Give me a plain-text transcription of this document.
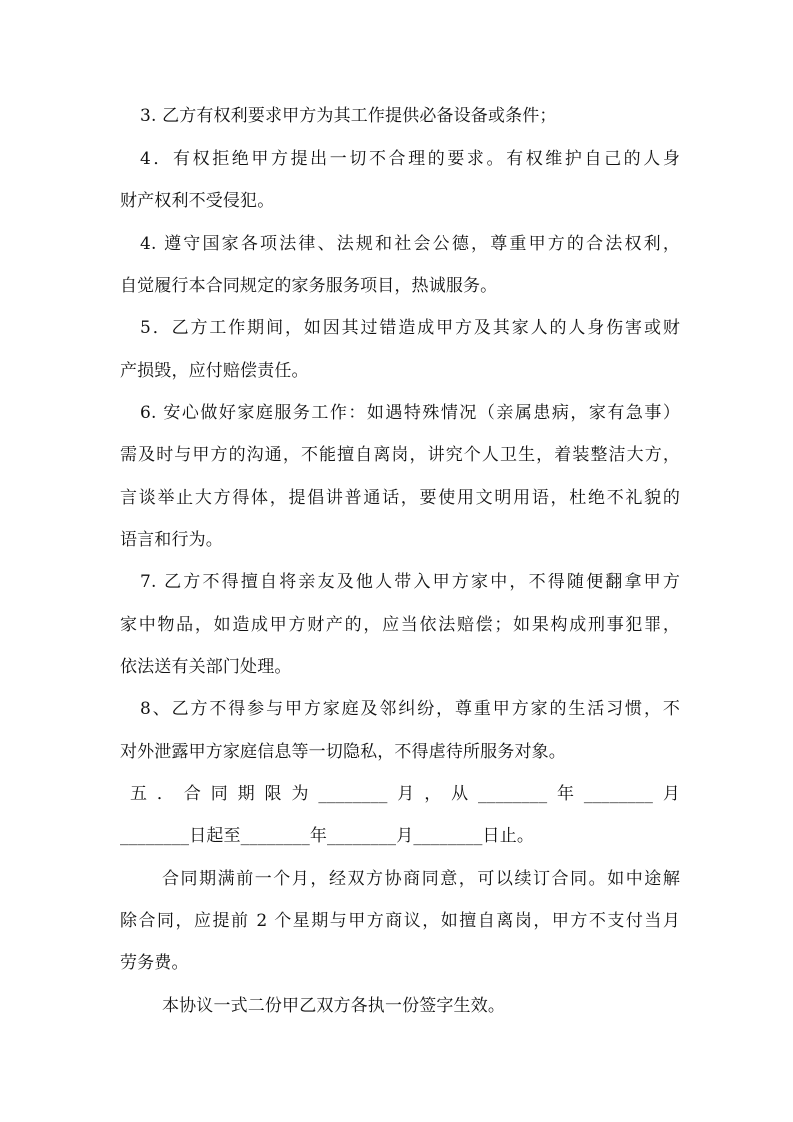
3. 乙方有权利要求甲方为其工作提供必备设备或条件；
4．有权拒绝甲方提出一切不合理的要求。有权维护自己的人身
财产权利不受侵犯。
4. 遵守国家各项法律、法规和社会公德，尊重甲方的合法权利，
自觉履行本合同规定的家务服务项目，热诚服务。
5．乙方工作期间，如因其过错造成甲方及其家人的人身伤害或财
产损毁，应付赔偿责任。
6. 安心做好家庭服务工作：如遇特殊情况（亲属患病，家有急事）
需及时与甲方的沟通，不能擅自离岗，讲究个人卫生，着装整洁大方，
言谈举止大方得体，提倡讲普通话，要使用文明用语，杜绝不礼貌的
语言和行为。
7. 乙方不得擅自将亲友及他人带入甲方家中，不得随便翻拿甲方
家中物品，如造成甲方财产的，应当依法赔偿；如果构成刑事犯罪，
依法送有关部门处理。
8、乙方不得参与甲方家庭及邻纠纷，尊重甲方家的生活习惯，不
对外泄露甲方家庭信息等一切隐私，不得虐待所服务对象。
五．合同期限为________月，从________年________月
________日起至________年________月________日止。
合同期满前一个月，经双方协商同意，可以续订合同。如中途解
除合同，应提前 2 个星期与甲方商议，如擅自离岗，甲方不支付当月
劳务费。
本协议一式二份甲乙双方各执一份签字生效。
